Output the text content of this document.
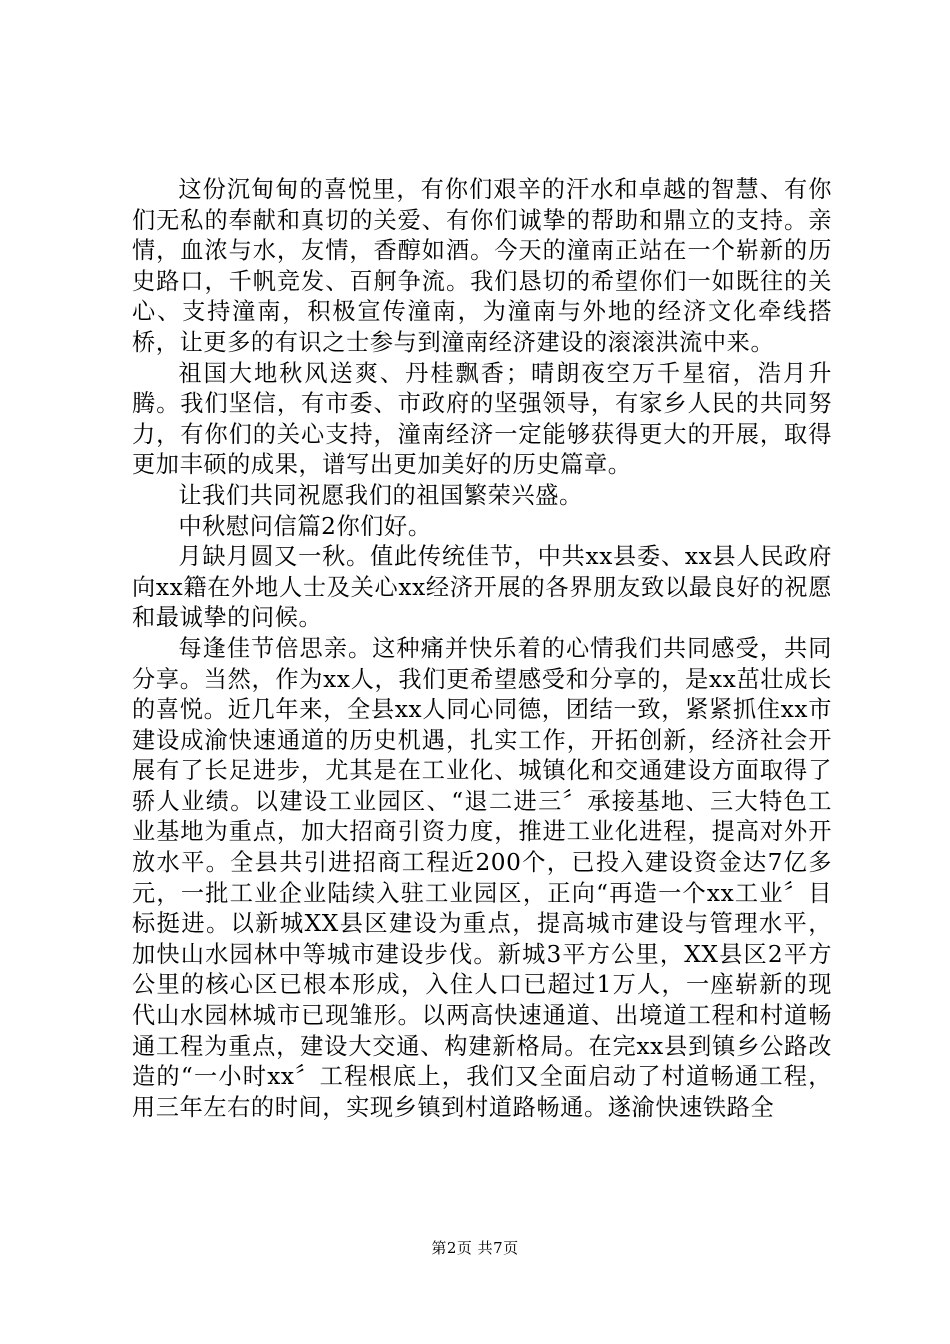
这份沉甸甸的喜悦里，有你们艰辛的汗水和卓越的智慧、有你们无私的奉献和真切的关爱、有你们诚挚的帮助和鼎立的支持。亲情，血浓与水，友情，香醇如酒。今天的潼南正站在一个崭新的历史路口，千帆竞发、百舸争流。我们恳切的希望你们一如既往的关心、支持潼南，积极宣传潼南，为潼南与外地的经济文化牵线搭桥，让更多的有识之士参与到潼南经济建设的滚滚洪流中来。

祖国大地秋风送爽、丹桂飘香；晴朗夜空万千星宿，浩月升腾。我们坚信，有市委、市政府的坚强领导，有家乡人民的共同努力，有你们的关心支持，潼南经济一定能够获得更大的开展，取得更加丰硕的成果，谱写出更加美好的历史篇章。

让我们共同祝愿我们的祖国繁荣兴盛。

中秋慰问信篇2你们好。

月缺月圆又一秋。值此传统佳节，中共xx县委、xx县人民政府向xx籍在外地人士及关心xx经济开展的各界朋友致以最良好的祝愿和最诚挚的问候。

每逢佳节倍思亲。这种痛并快乐着的心情我们共同感受，共同分享。当然，作为xx人，我们更希望感受和分享的，是xx茁壮成长的喜悦。近几年来，全县xx人同心同德，团结一致，紧紧抓住xx市建设成渝快速通道的历史机遇，扎实工作，开拓创新，经济社会开展有了长足进步，尤其是在工业化、城镇化和交通建设方面取得了骄人业绩。以建设工业园区、“退二进三〞承接基地、三大特色工业基地为重点，加大招商引资力度，推进工业化进程，提高对外开放水平。全县共引进招商工程近200个，已投入建设资金达7亿多元，一批工业企业陆续入驻工业园区，正向“再造一个xx工业〞目标挺进。以新城XX县区建设为重点，提高城市建设与管理水平，加快山水园林中等城市建设步伐。新城3平方公里，XX县区2平方公里的核心区已根本形成，入住人口已超过1万人，一座崭新的现代山水园林城市已现雏形。以两高快速通道、出境道工程和村道畅通工程为重点，建设大交通、构建新格局。在完xx县到镇乡公路改造的“一小时xx〞工程根底上，我们又全面启动了村道畅通工程，用三年左右的时间，实现乡镇到村道路畅通。遂渝快速铁路全

第2页 共7页
